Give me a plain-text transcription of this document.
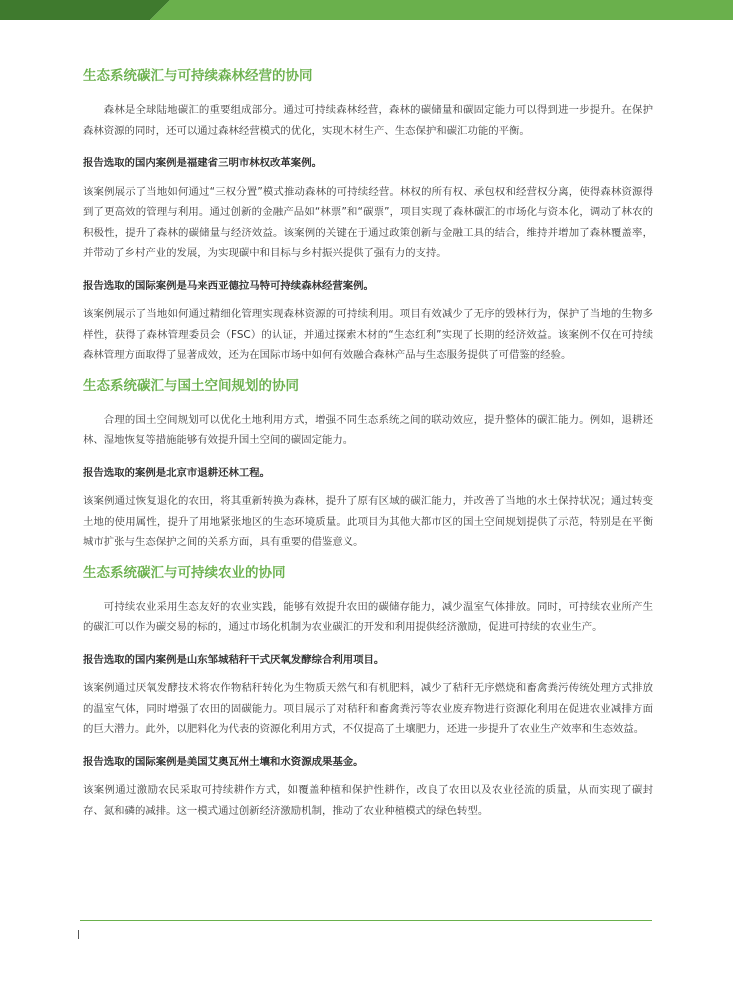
生态系统碳汇与可持续森林经营的协同

森林是全球陆地碳汇的重要组成部分。通过可持续森林经营，森林的碳储量和碳固定能力可以得到进一步提升。在保护森林资源的同时，还可以通过森林经营模式的优化，实现木材生产、生态保护和碳汇功能的平衡。

报告选取的国内案例是福建省三明市林权改革案例。

该案例展示了当地如何通过“三权分置”模式推动森林的可持续经营。林权的所有权、承包权和经营权分离，使得森林资源得到了更高效的管理与利用。通过创新的金融产品如“林票”和“碳票”，项目实现了森林碳汇的市场化与资本化，调动了林农的积极性，提升了森林的碳储量与经济效益。该案例的关键在于通过政策创新与金融工具的结合，维持并增加了森林覆盖率，并带动了乡村产业的发展，为实现碳中和目标与乡村振兴提供了强有力的支持。

报告选取的国际案例是马来西亚德拉马特可持续森林经营案例。

该案例展示了当地如何通过精细化管理实现森林资源的可持续利用。项目有效减少了无序的毁林行为，保护了当地的生物多样性，获得了森林管理委员会（FSC）的认证，并通过探索木材的“生态红利”实现了长期的经济效益。该案例不仅在可持续森林管理方面取得了显著成效，还为在国际市场中如何有效融合森林产品与生态服务提供了可借鉴的经验。

生态系统碳汇与国土空间规划的协同

合理的国土空间规划可以优化土地利用方式，增强不同生态系统之间的联动效应，提升整体的碳汇能力。例如，退耕还林、湿地恢复等措施能够有效提升国土空间的碳固定能力。

报告选取的案例是北京市退耕还林工程。

该案例通过恢复退化的农田，将其重新转换为森林，提升了原有区域的碳汇能力，并改善了当地的水土保持状况；通过转变土地的使用属性，提升了用地紧张地区的生态环境质量。此项目为其他大都市区的国土空间规划提供了示范，特别是在平衡城市扩张与生态保护之间的关系方面，具有重要的借鉴意义。

生态系统碳汇与可持续农业的协同

可持续农业采用生态友好的农业实践，能够有效提升农田的碳储存能力，减少温室气体排放。同时，可持续农业所产生的碳汇可以作为碳交易的标的，通过市场化机制为农业碳汇的开发和利用提供经济激励，促进可持续的农业生产。

报告选取的国内案例是山东邹城秸秆干式厌氧发酵综合利用项目。

该案例通过厌氧发酵技术将农作物秸秆转化为生物质天然气和有机肥料，减少了秸秆无序燃烧和畜禽粪污传统处理方式排放的温室气体，同时增强了农田的固碳能力。项目展示了对秸秆和畜禽粪污等农业废弃物进行资源化利用在促进农业减排方面的巨大潜力。此外，以肥料化为代表的资源化利用方式，不仅提高了土壤肥力，还进一步提升了农业生产效率和生态效益。

报告选取的国际案例是美国艾奥瓦州土壤和水资源成果基金。

该案例通过激励农民采取可持续耕作方式，如覆盖种植和保护性耕作，改良了农田以及农业径流的质量，从而实现了碳封存、氮和磷的减排。这一模式通过创新经济激励机制，推动了农业种植模式的绿色转型。
